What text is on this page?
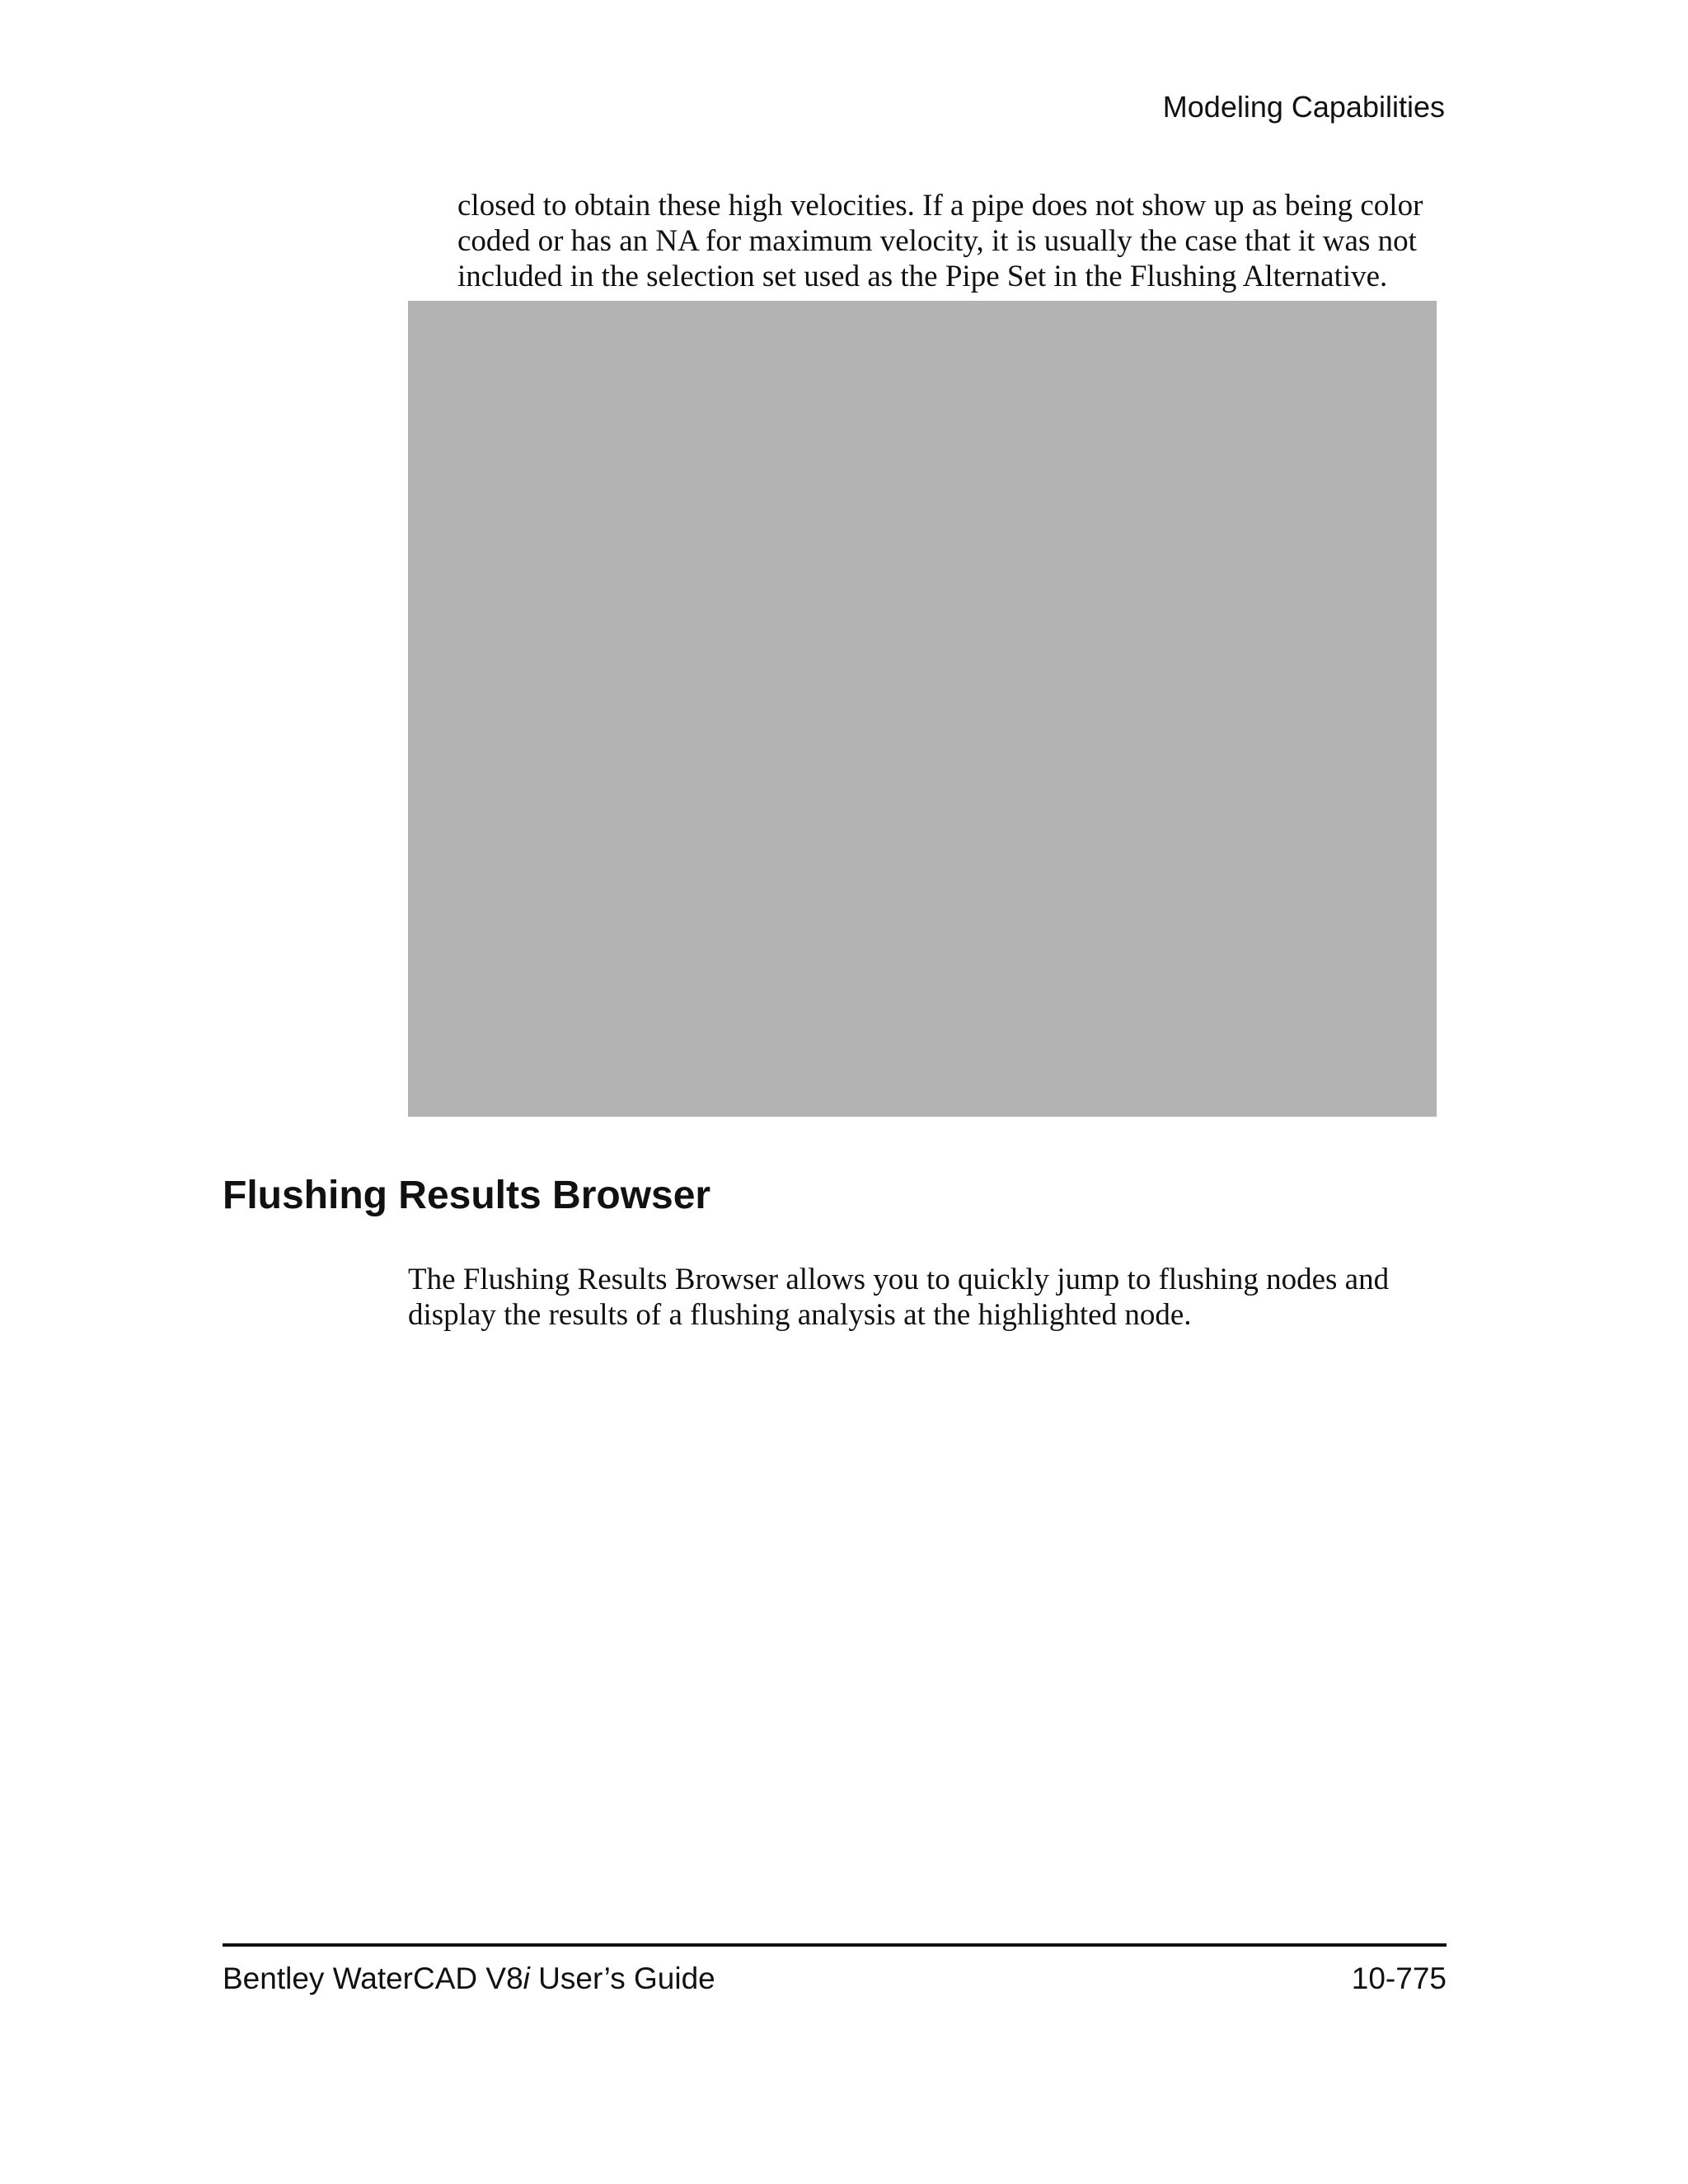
Modeling Capabilities

closed to obtain these high velocities. If a pipe does not show up as being color coded or has an NA for maximum velocity, it is usually the case that it was not included in the selection set used as the Pipe Set in the Flushing Alternative.

Flushing Results Browser

The Flushing Results Browser allows you to quickly jump to flushing nodes and display the results of a flushing analysis at the highlighted node.

Bentley WaterCAD V8i User’s Guide	10-775
